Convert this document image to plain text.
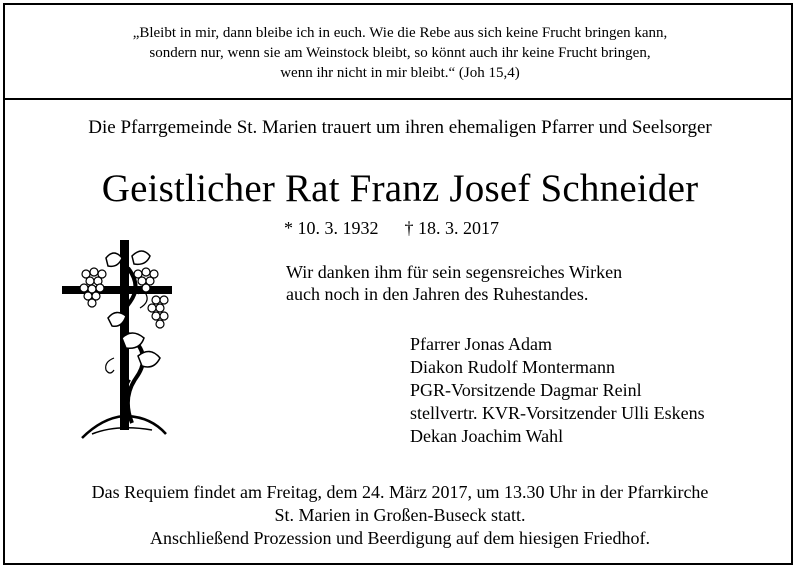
„Bleibt in mir, dann bleibe ich in euch. Wie die Rebe aus sich keine Frucht bringen kann,
sondern nur, wenn sie am Weinstock bleibt, so könnt auch ihr keine Frucht bringen,
wenn ihr nicht in mir bleibt.“ (Joh 15,4)
Die Pfarrgemeinde St. Marien trauert um ihren ehemaligen Pfarrer und Seelsorger
Geistlicher Rat Franz Josef Schneider
* 10. 3. 1932 † 18. 3. 2017
Wir danken ihm für sein segensreiches Wirken
auch noch in den Jahren des Ruhestandes.
Pfarrer Jonas Adam
Diakon Rudolf Montermann
PGR-Vorsitzende Dagmar Reinl
stellvertr. KVR-Vorsitzender Ulli Eskens
Dekan Joachim Wahl
Das Requiem findet am Freitag, dem 24. März 2017, um 13.30 Uhr in der Pfarrkirche
St. Marien in Großen-Buseck statt.
Anschließend Prozession und Beerdigung auf dem hiesigen Friedhof.
